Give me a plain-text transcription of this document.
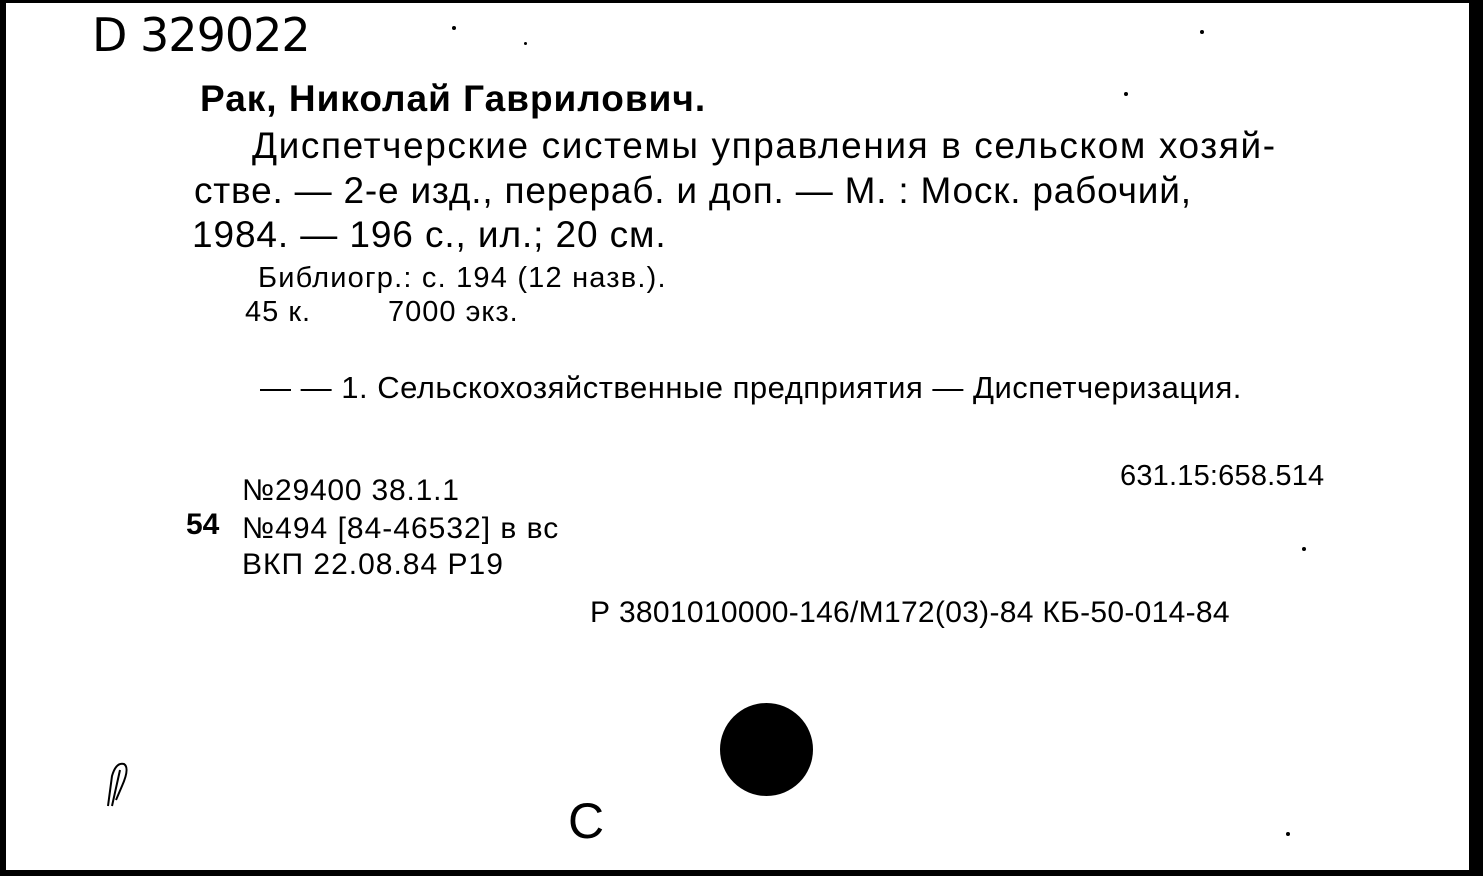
D 329022
Рак, Николай Гаврилович.
Диспетчерские системы управления в сельском хозяй-
стве. — 2-е изд., перераб. и доп. — М. : Моск. рабочий,
1984. — 196 с., ил.; 20 см.
Библиогр.: с. 194 (12 назв.).
45 к.	7000 экз.
— — 1. Сельскохозяйственные предприятия — Диспетчеризация.
631.15:658.514
№29400 38.1.1
54 №494 [84-46532] в вс
ВКП 22.08.84 Р19
Р 3801010000-146/М172(03)-84 КБ-50-014-84
С
